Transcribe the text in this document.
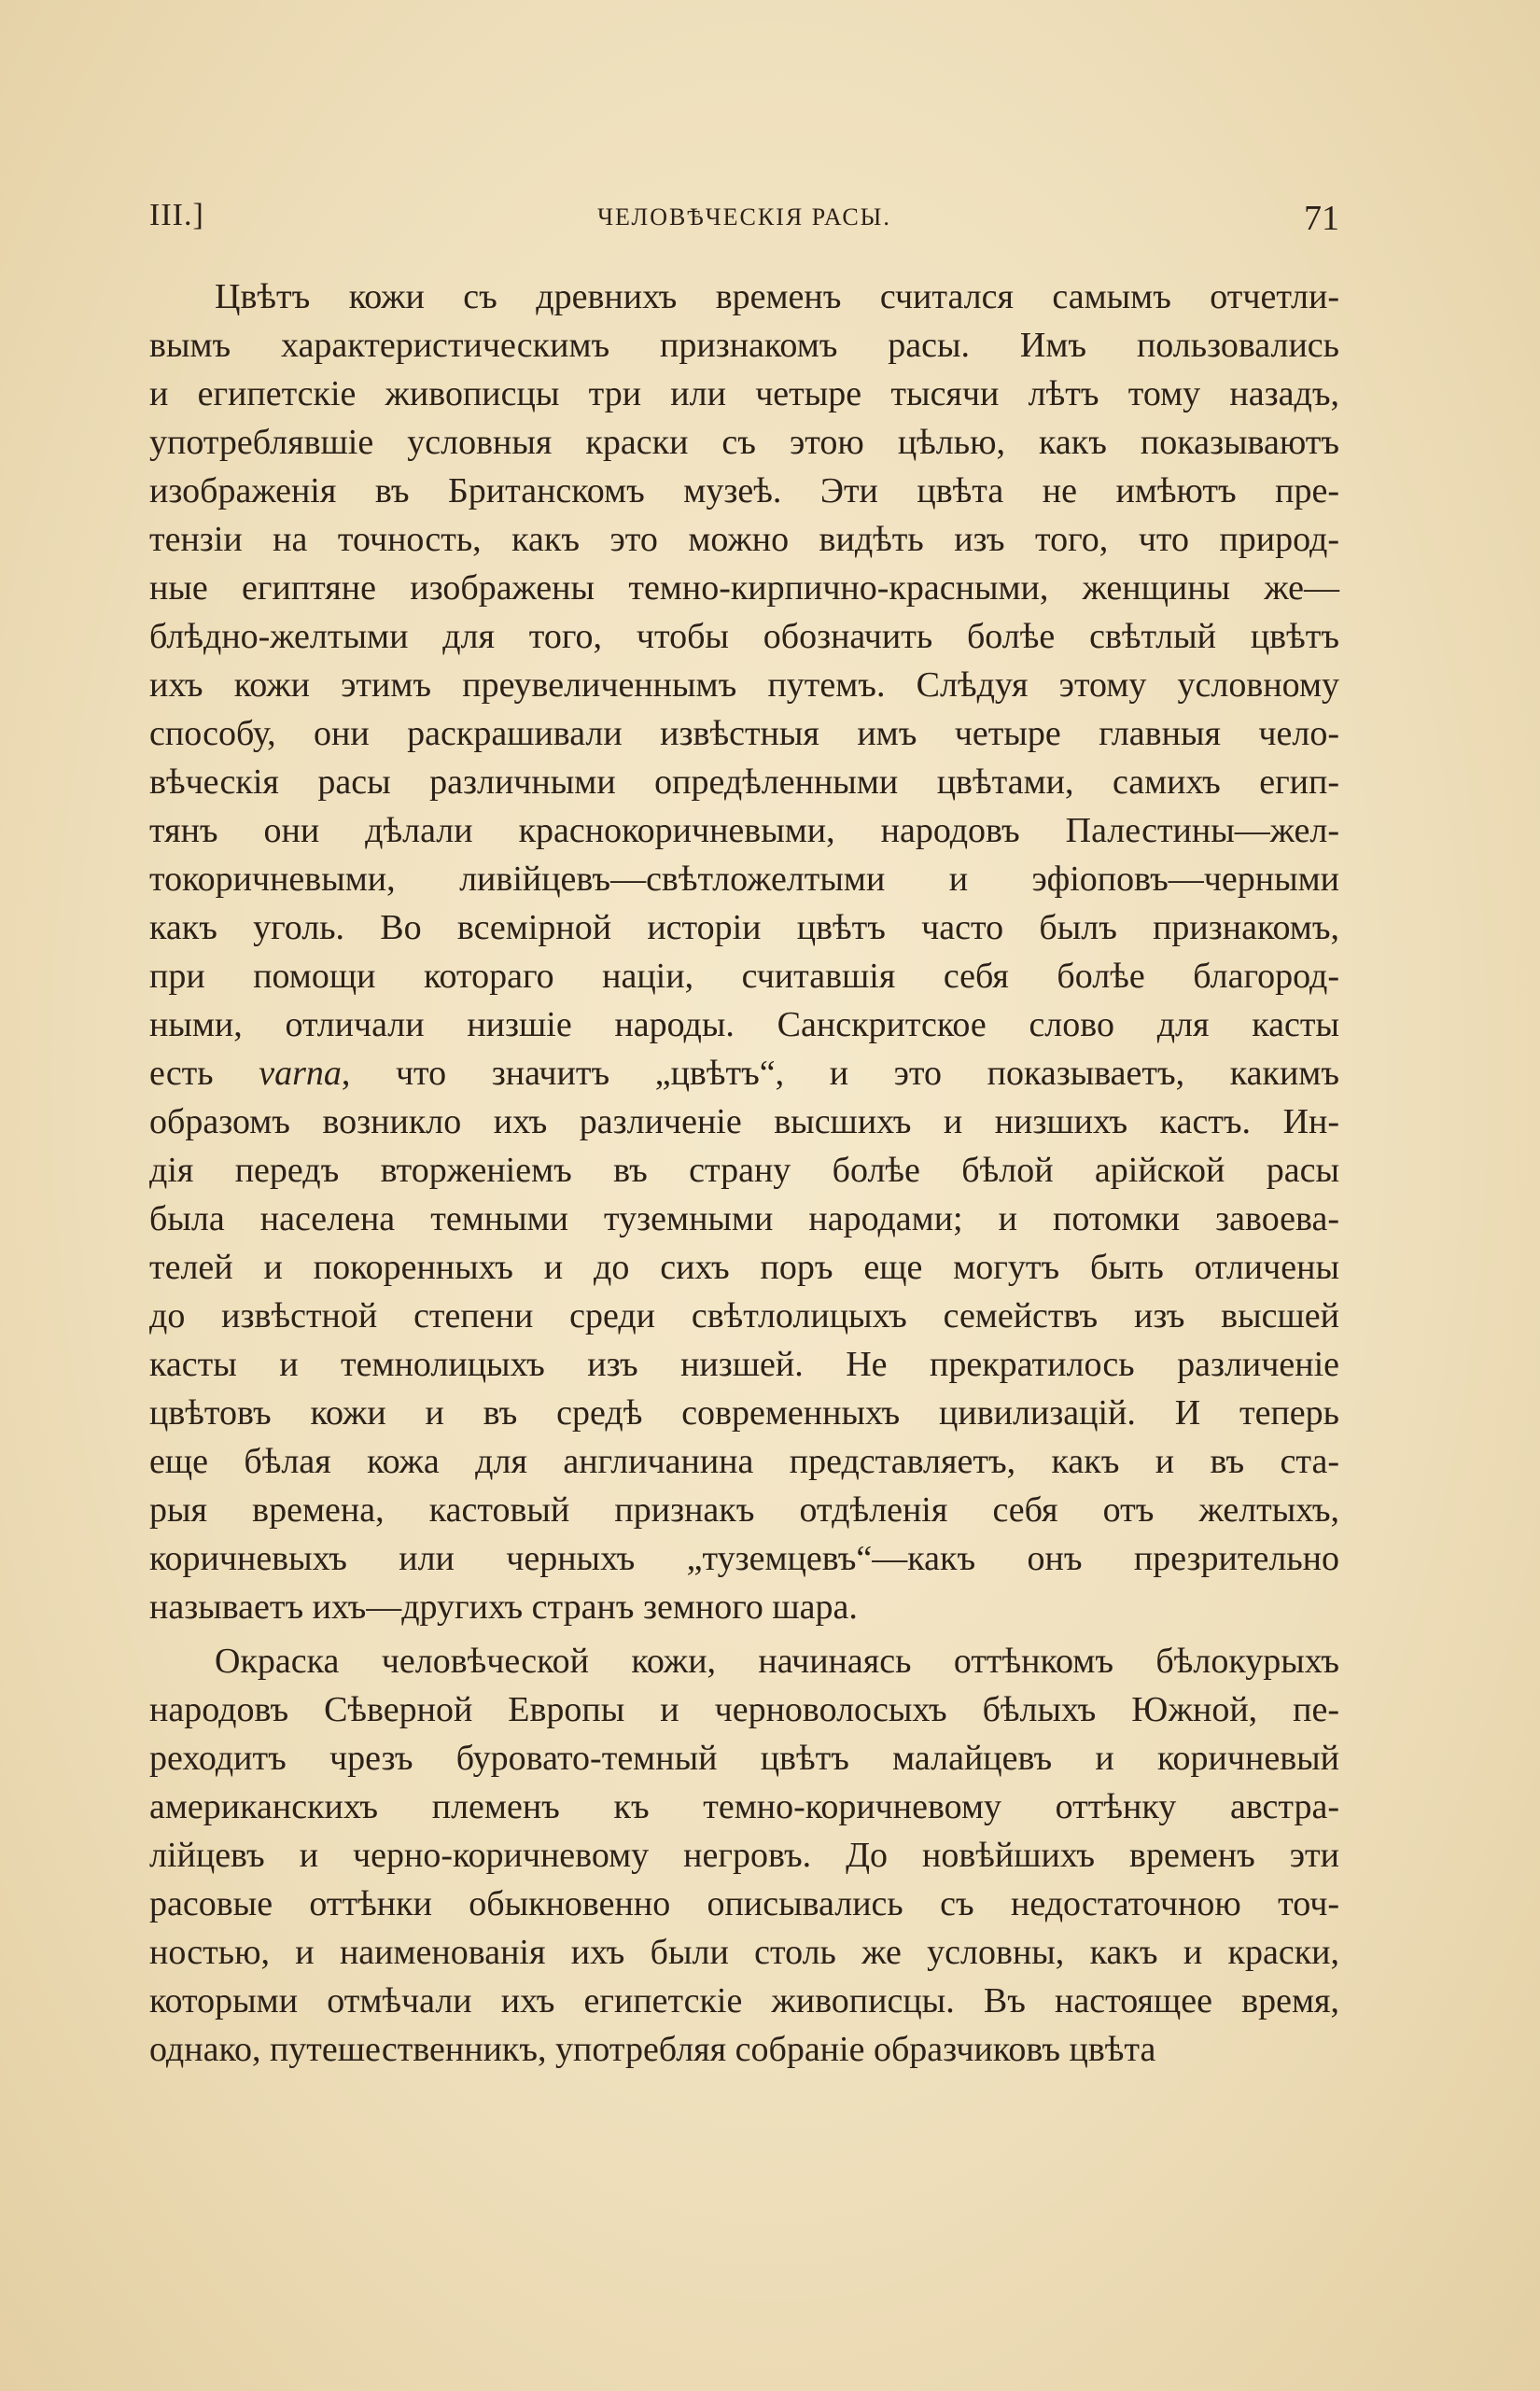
III.]	ЧЕЛОВѢЧЕСКІЯ РАСЫ.	71
Цвѣтъ кожи съ древнихъ временъ считался самымъ отчетли-
вымъ характеристическимъ признакомъ расы. Имъ пользовались
и египетскіе живописцы три или четыре тысячи лѣтъ тому назадъ,
употреблявшіе условныя краски съ этою цѣлью, какъ показываютъ
изображенія въ Британскомъ музеѣ. Эти цвѣта не имѣютъ пре-
тензіи на точность, какъ это можно видѣть изъ того, что природ-
ные египтяне изображены темно-кирпично-красными, женщины же—
блѣдно-желтыми для того, чтобы обозначить болѣе свѣтлый цвѣтъ
ихъ кожи этимъ преувеличеннымъ путемъ. Слѣдуя этому условному
способу, они раскрашивали извѣстныя имъ четыре главныя чело-
вѣческія расы различными опредѣленными цвѣтами, самихъ егип-
тянъ они дѣлали краснокоричневыми, народовъ Палестины—жел-
токоричневыми, ливійцевъ—свѣтложелтыми и эфіоповъ—черными
какъ уголь. Во всемірной исторіи цвѣтъ часто былъ признакомъ,
при помощи котораго націи, считавшія себя болѣе благород-
ными, отличали низшіе народы. Санскритское слово для касты
есть varna, что значитъ „цвѣтъ“, и это показываетъ, какимъ
образомъ возникло ихъ различеніе высшихъ и низшихъ кастъ. Ин-
дія передъ вторженіемъ въ страну болѣе бѣлой арійской расы
была населена темными туземными народами; и потомки завоева-
телей и покоренныхъ и до сихъ поръ еще могутъ быть отличены
до извѣстной степени среди свѣтлолицыхъ семействъ изъ высшей
касты и темнолицыхъ изъ низшей. Не прекратилось различеніе
цвѣтовъ кожи и въ средѣ современныхъ цивилизацій. И теперь
еще бѣлая кожа для англичанина представляетъ, какъ и въ ста-
рыя времена, кастовый признакъ отдѣленія себя отъ желтыхъ,
коричневыхъ или черныхъ „туземцевъ“—какъ онъ презрительно
называетъ ихъ—другихъ странъ земного шара.
Окраска человѣческой кожи, начинаясь оттѣнкомъ бѣлокурыхъ
народовъ Сѣверной Европы и черноволосыхъ бѣлыхъ Южной, пе-
реходитъ чрезъ буровато-темный цвѣтъ малайцевъ и коричневый
американскихъ племенъ къ темно-коричневому оттѣнку австра-
лійцевъ и черно-коричневому негровъ. До новѣйшихъ временъ эти
расовые оттѣнки обыкновенно описывались съ недостаточною точ-
ностью, и наименованія ихъ были столь же условны, какъ и краски,
которыми отмѣчали ихъ египетскіе живописцы. Въ настоящее время,
однако, путешественникъ, употребляя собраніе образчиковъ цвѣта
